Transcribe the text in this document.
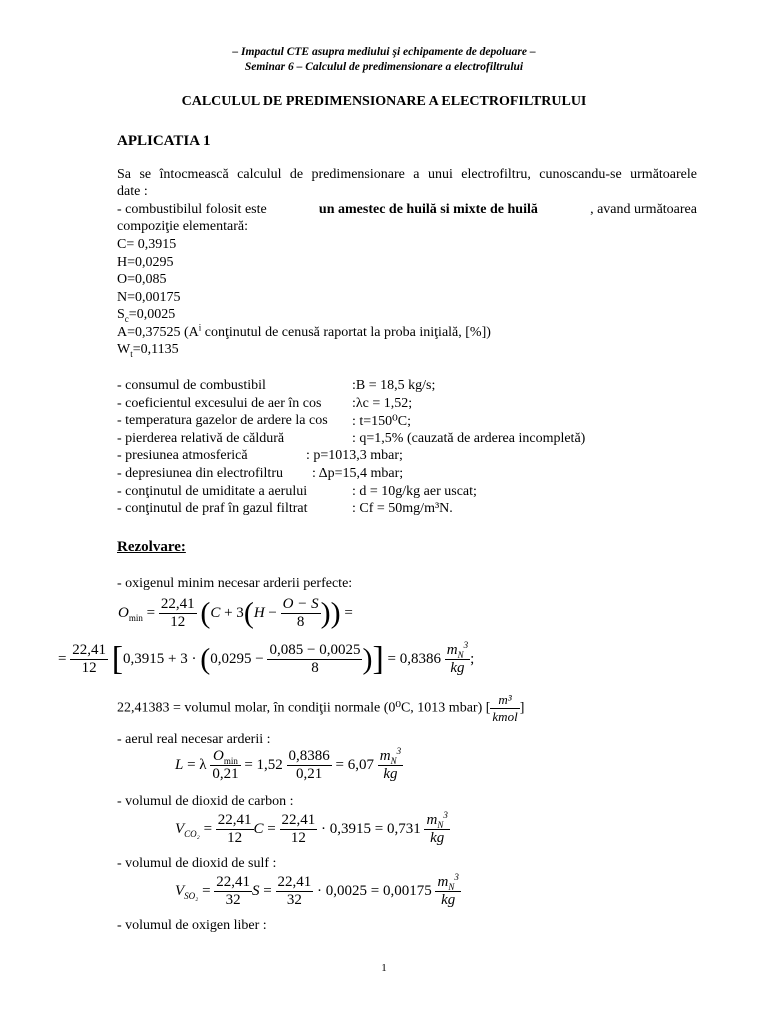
– Impactul CTE asupra mediului şi echipamente de depoluare –
Seminar 6 – Calculul de predimensionare a electrofiltrului
CALCULUL DE PREDIMENSIONARE A ELECTROFILTRULUI
APLICATIA 1
Sa se întocmească calculul de predimensionare a unui electrofiltru, cunoscandu-se următoarele
date :
- combustibilul folosit este	un amestec de huilă si mixte de huilă	, avand următoarea
compoziţie elementară:
C= 0,3915
H=0,0295
O=0,085
N=0,00175
$S_c=0,0025$
A=0,37525 ($A^i$ conţinutul de cenusă raportat la proba iniţială, [%])
$W_t=0,1135$
- consumul de combustibil	:B = 18,5 kg/s;
- coeficientul excesului de aer în cos :λc = 1,52;
- temperatura gazelor de ardere la cos : t=150⁰C;
- pierderea relativă de căldură	: q=1,5% (cauzată de arderea incompletă)
- presiunea atmosferică	: p=1013,3 mbar;
- depresiunea din electrofiltru : Δp=15,4 mbar;
- conţinutul de umiditate a aerului	: d = 10g/kg aer uscat;
- conţinutul de praf în gazul filtrat	: Cf = 50mg/m³N.
Rezolvare:
- oxigenul minim necesar arderii perfecte:
$O_{min} = \frac{22,41}{12} (C + 3(H - \frac{O - S}{8}$ )) =
= $\frac{22,41}{12} [0,3915 + 3 \cdot (0,0295 - \frac{0,085 - 0,0025}{8}$ )] = $0,8386 \frac{m_N^3}{kg}$ ;
22,41383 = volumul molar, în condiţii normale (0⁰C, 1013 mbar) [ $\frac{\text{m³}}{\text{kmol}}$ ]
- aerul real necesar arderii :
L = λ $\frac{O_{min}}{0,21} = 1,52 \frac{0,8386}{0,21} = 6,07 \frac{m_N^3}{kg}$
- volumul de dioxid de carbon :
$V_{CO_2} = \frac{22,41}{12}$ $C = \frac{22,41}{12} \cdot 0,3915 = 0,731 \frac{m_N^3}{kg}$
- volumul de dioxid de sulf :
$V_{SO_2} = \frac{22,41}{32}$ $S = \frac{22,41}{32} \cdot 0,0025 = 0,00175 \frac{m_N^3}{kg}$
- volumul de oxigen liber :
1
